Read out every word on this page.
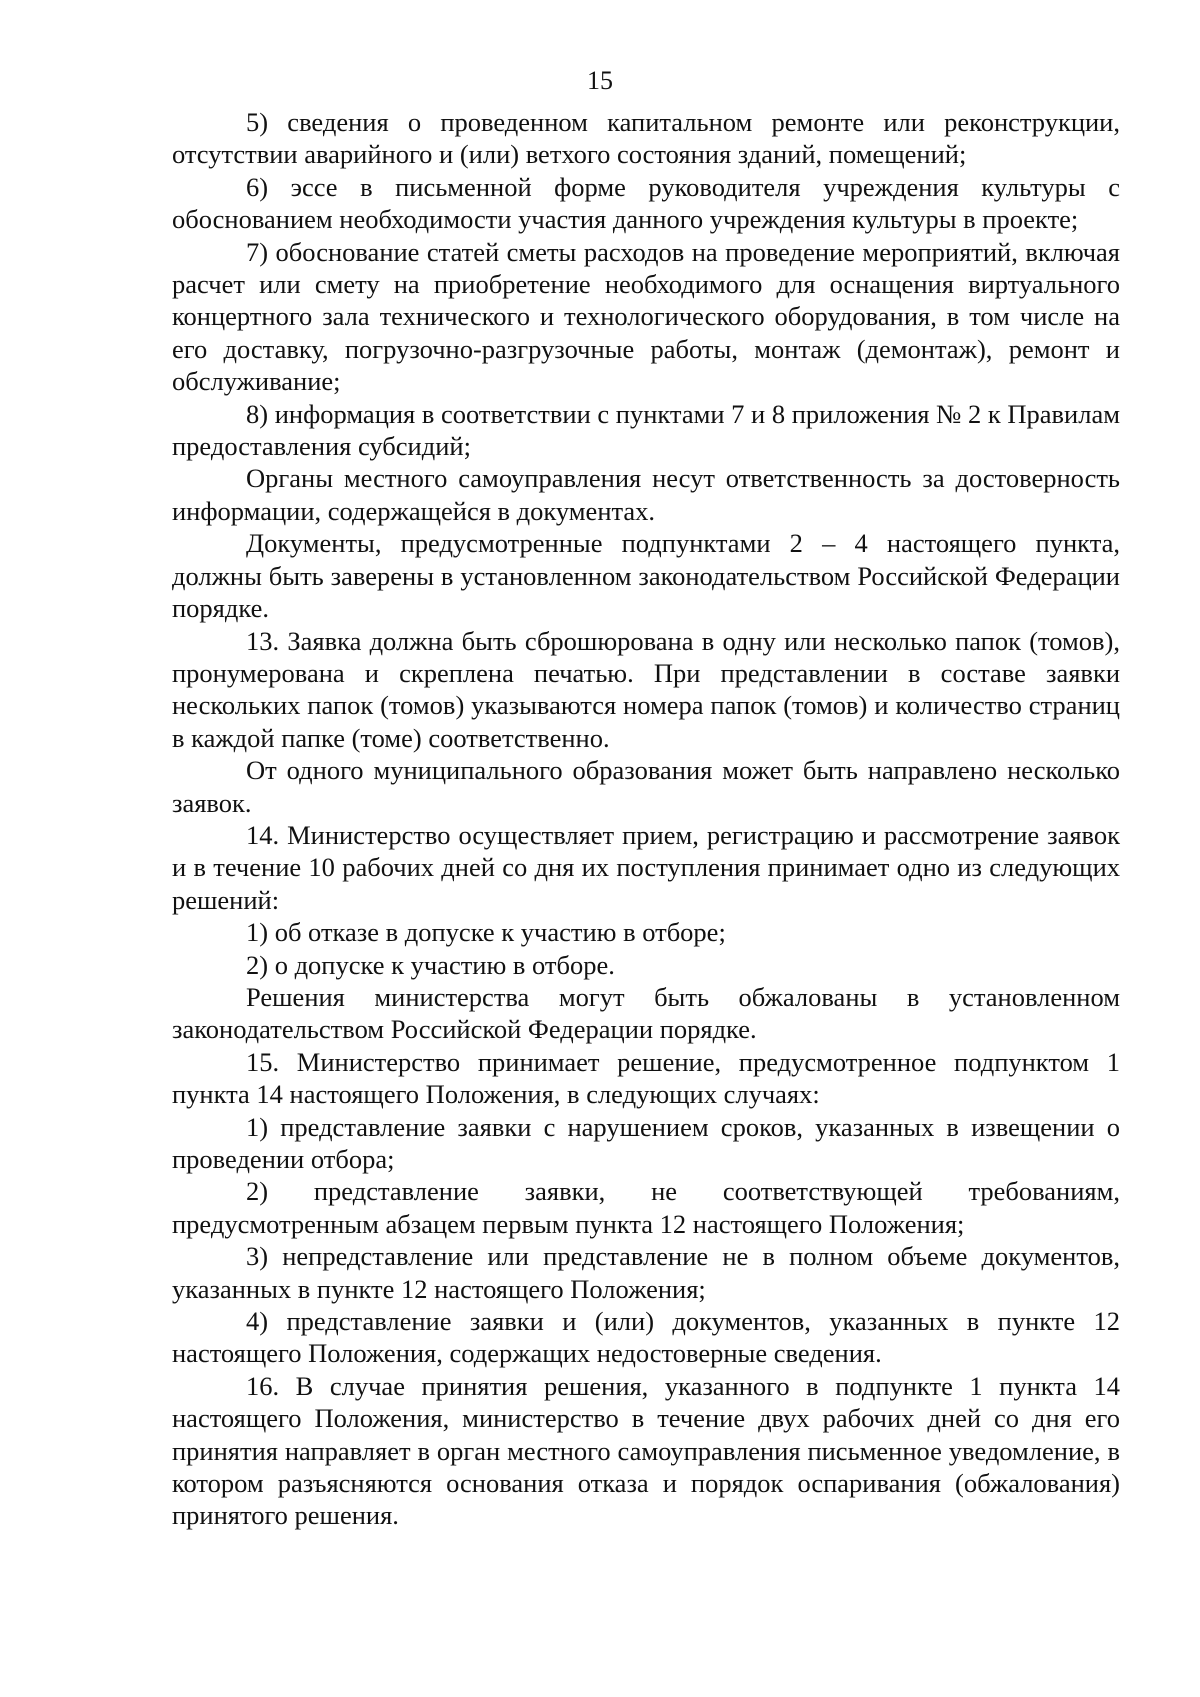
15

5) сведения о проведенном капитальном ремонте или реконструкции, отсутствии аварийного и (или) ветхого состояния зданий, помещений;

6) эссе в письменной форме руководителя учреждения культуры с обоснованием необходимости участия данного учреждения культуры в проекте;

7) обоснование статей сметы расходов на проведение мероприятий, включая расчет или смету на приобретение необходимого для оснащения виртуального концертного зала технического и технологического оборудования, в том числе на его доставку, погрузочно-разгрузочные работы, монтаж (демонтаж), ремонт и обслуживание;

8) информация в соответствии с пунктами 7 и 8 приложения № 2 к Правилам предоставления субсидий;

Органы местного самоуправления несут ответственность за достоверность информации, содержащейся в документах.

Документы, предусмотренные подпунктами 2 – 4 настоящего пункта, должны быть заверены в установленном законодательством Российской Федерации порядке.

13. Заявка должна быть сброшюрована в одну или несколько папок (томов), пронумерована и скреплена печатью. При представлении в составе заявки нескольких папок (томов) указываются номера папок (томов) и количество страниц в каждой папке (томе) соответственно.

От одного муниципального образования может быть направлено несколько заявок.

14. Министерство осуществляет прием, регистрацию и рассмотрение заявок и в течение 10 рабочих дней со дня их поступления принимает одно из следующих решений:

1) об отказе в допуске к участию в отборе;

2) о допуске к участию в отборе.

Решения министерства могут быть обжалованы в установленном законодательством Российской Федерации порядке.

15. Министерство принимает решение, предусмотренное подпунктом 1 пункта 14 настоящего Положения, в следующих случаях:

1) представление заявки с нарушением сроков, указанных в извещении о проведении отбора;

2) представление заявки, не соответствующей требованиям, предусмотренным абзацем первым пункта 12 настоящего Положения;

3) непредставление или представление не в полном объеме документов, указанных в пункте 12 настоящего Положения;

4) представление заявки и (или) документов, указанных в пункте 12 настоящего Положения, содержащих недостоверные сведения.

16. В случае принятия решения, указанного в подпункте 1 пункта 14 настоящего Положения, министерство в течение двух рабочих дней со дня его принятия направляет в орган местного самоуправления письменное уведомление, в котором разъясняются основания отказа и порядок оспаривания (обжалования) принятого решения.
